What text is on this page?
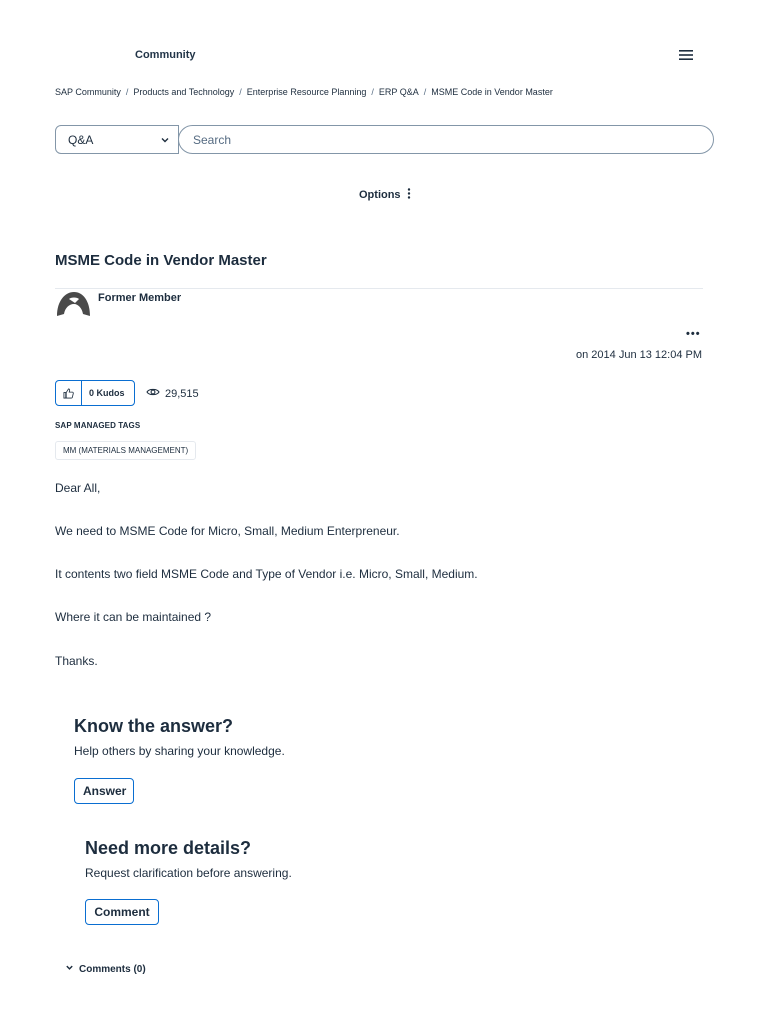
Community
SAP Community / Products and Technology / Enterprise Resource Planning / ERP Q&A / MSME Code in Vendor Master
Q&A
Search
Options
MSME Code in Vendor Master
Former Member
•••
on 2014 Jun 13 12:04 PM
0 Kudos	29,515
SAP MANAGED TAGS
MM (MATERIALS MANAGEMENT)

Dear All,

We need to MSME Code for Micro, Small, Medium Enterpreneur.

It contents two field MSME Code and Type of Vendor i.e. Micro, Small, Medium.

Where it can be maintained ?

Thanks.

Know the answer?

Help others by sharing your knowledge.

Answer
Need more details?

Request clarification before answering.

Comment
Comments (0)
